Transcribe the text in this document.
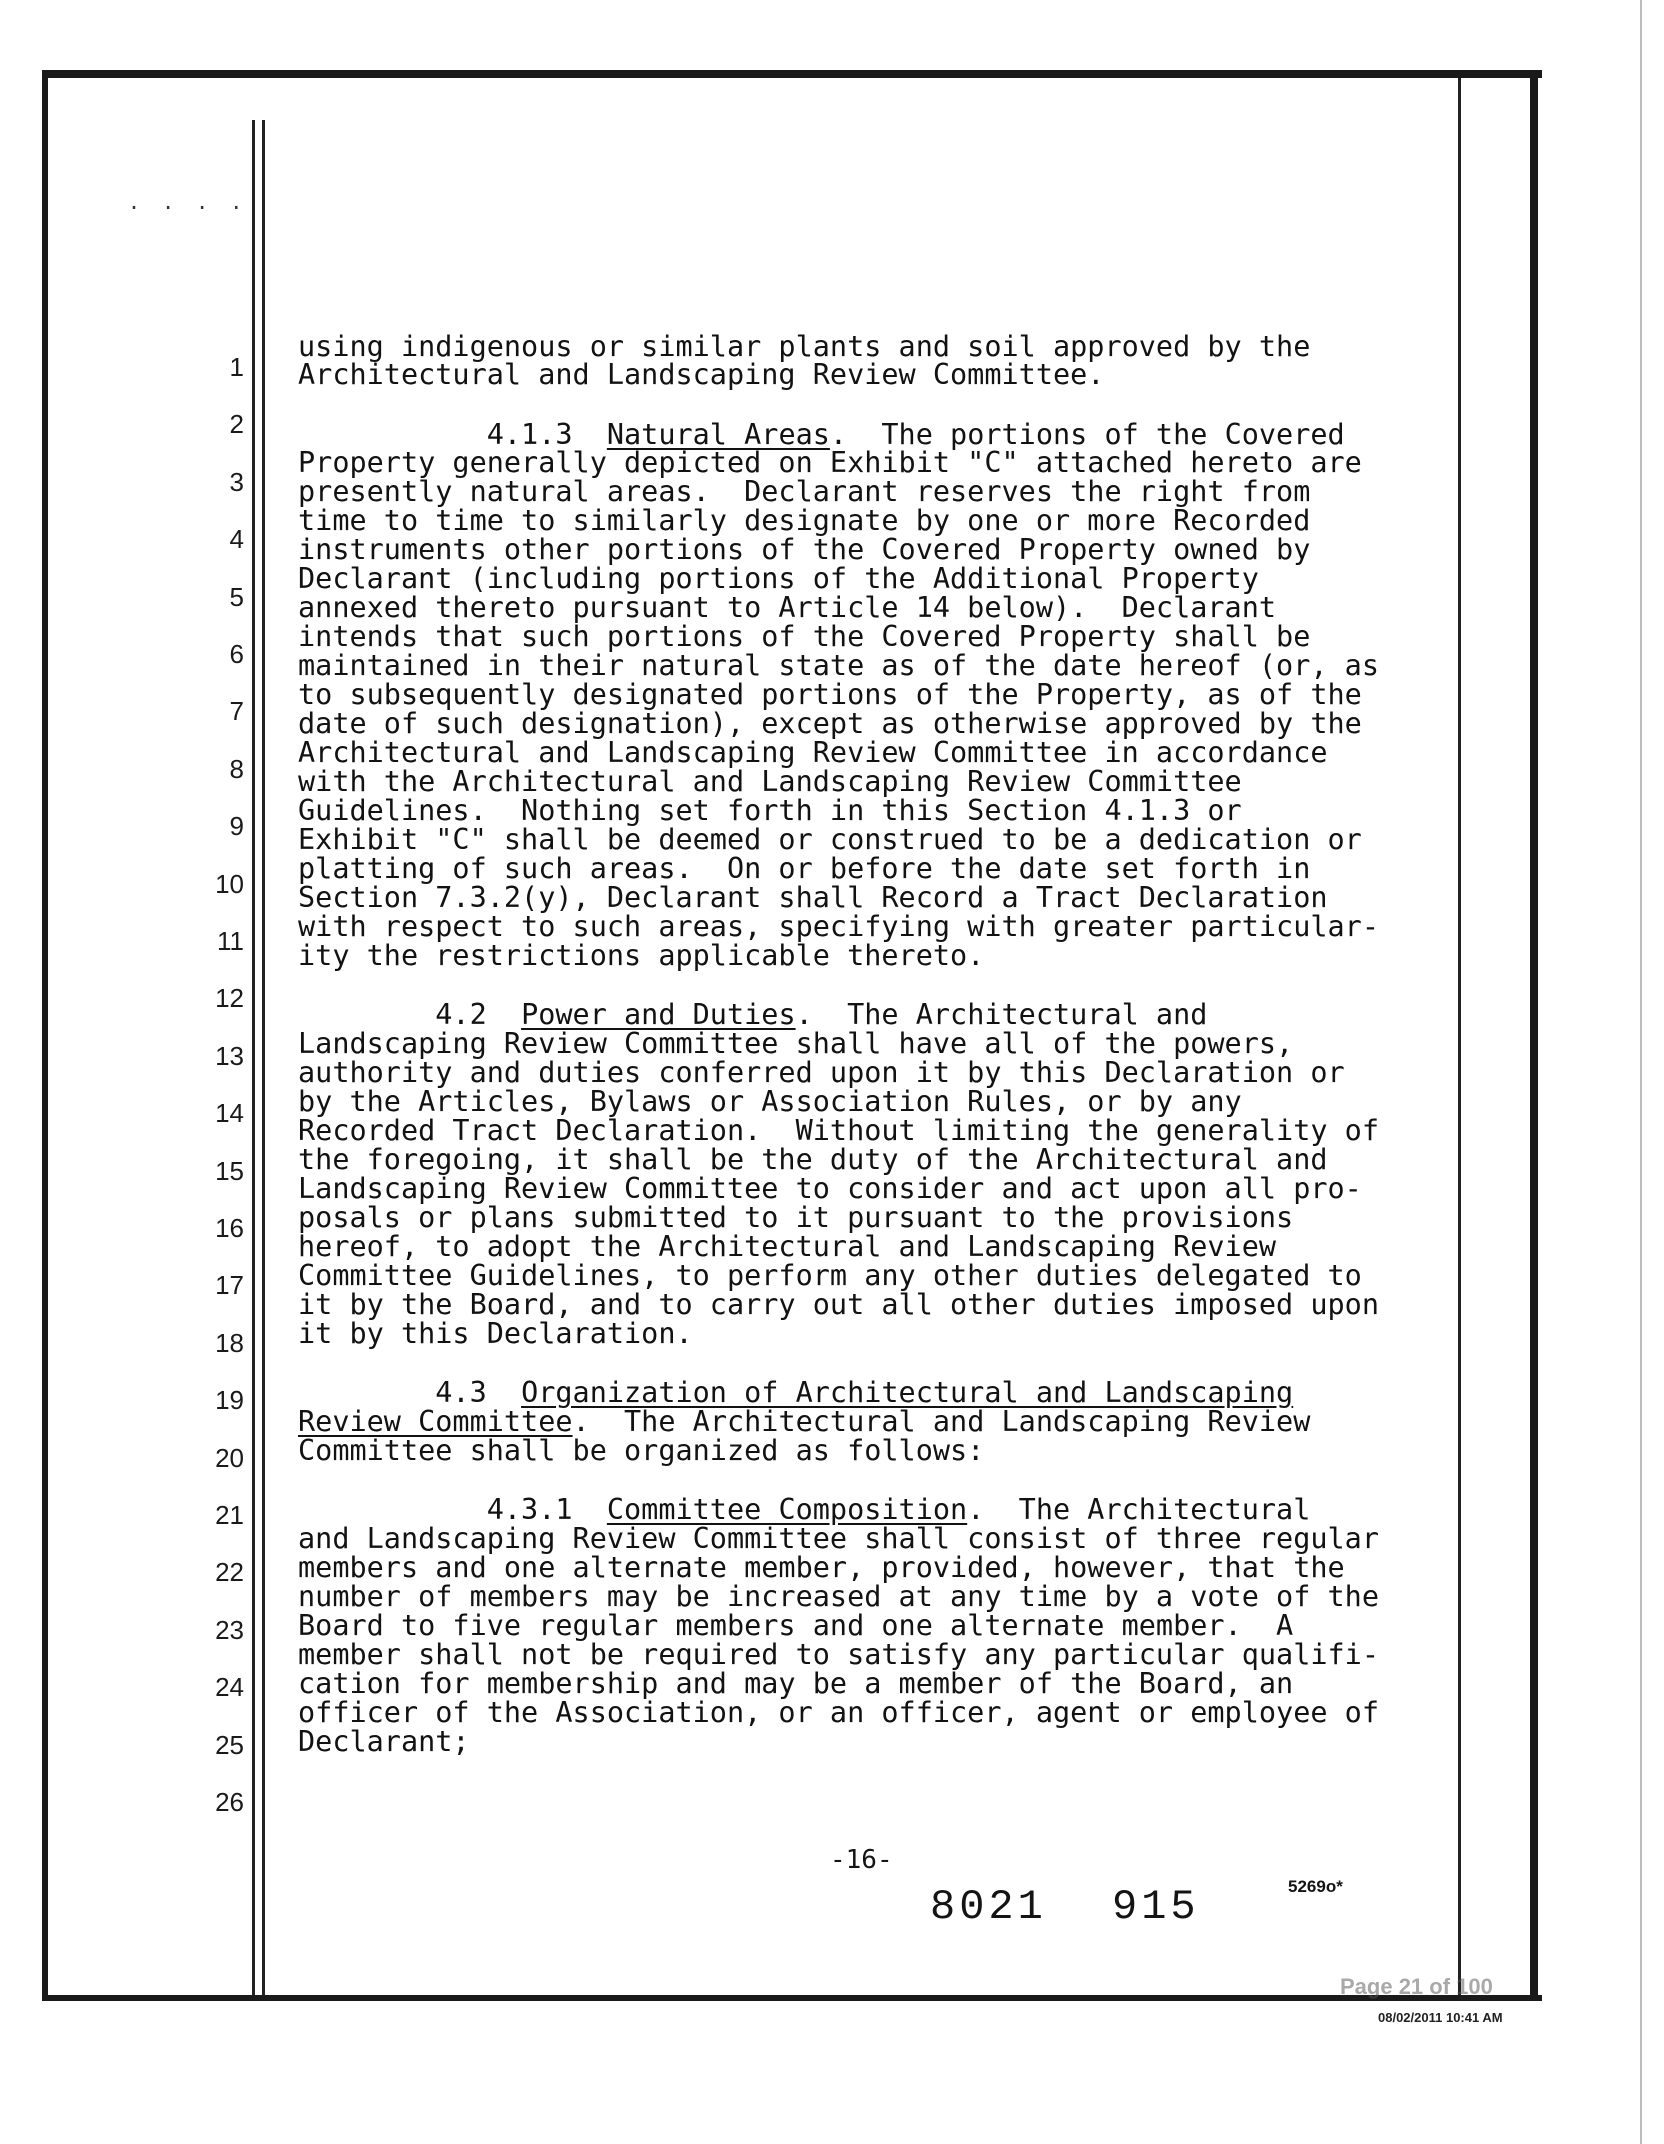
. . . .
1
2
3
4
5
6
7
8
9
10
11
12
13
14
15
16
17
18
19
20
21
22
23
24
25
26
using indigenous or similar plants and soil approved by the
Architectural and Landscaping Review Committee.
4.1.3  Natural Areas.  The portions of the Covered
Property generally depicted on Exhibit "C" attached hereto are
presently natural areas.  Declarant reserves the right from
time to time to similarly designate by one or more Recorded
instruments other portions of the Covered Property owned by
Declarant (including portions of the Additional Property
annexed thereto pursuant to Article 14 below).  Declarant
intends that such portions of the Covered Property shall be
maintained in their natural state as of the date hereof (or, as
to subsequently designated portions of the Property, as of the
date of such designation), except as otherwise approved by the
Architectural and Landscaping Review Committee in accordance
with the Architectural and Landscaping Review Committee
Guidelines.  Nothing set forth in this Section 4.1.3 or
Exhibit "C" shall be deemed or construed to be a dedication or
platting of such areas.  On or before the date set forth in
Section 7.3.2(y), Declarant shall Record a Tract Declaration
with respect to such areas, specifying with greater particular-
ity the restrictions applicable thereto.
4.2  Power and Duties.  The Architectural and
Landscaping Review Committee shall have all of the powers,
authority and duties conferred upon it by this Declaration or
by the Articles, Bylaws or Association Rules, or by any
Recorded Tract Declaration.  Without limiting the generality of
the foregoing, it shall be the duty of the Architectural and
Landscaping Review Committee to consider and act upon all pro-
posals or plans submitted to it pursuant to the provisions
hereof, to adopt the Architectural and Landscaping Review
Committee Guidelines, to perform any other duties delegated to
it by the Board, and to carry out all other duties imposed upon
it by this Declaration.
4.3  Organization of Architectural and Landscaping
Review Committee.  The Architectural and Landscaping Review
Committee shall be organized as follows:
4.3.1  Committee Composition.  The Architectural
and Landscaping Review Committee shall consist of three regular
members and one alternate member, provided, however, that the
number of members may be increased at any time by a vote of the
Board to five regular members and one alternate member.  A
member shall not be required to satisfy any particular qualifi-
cation for membership and may be a member of the Board, an
officer of the Association, or an officer, agent or employee of
Declarant;
-16-
8021 915	5269o*
Page 21 of 100
08/02/2011 10:41 AM
